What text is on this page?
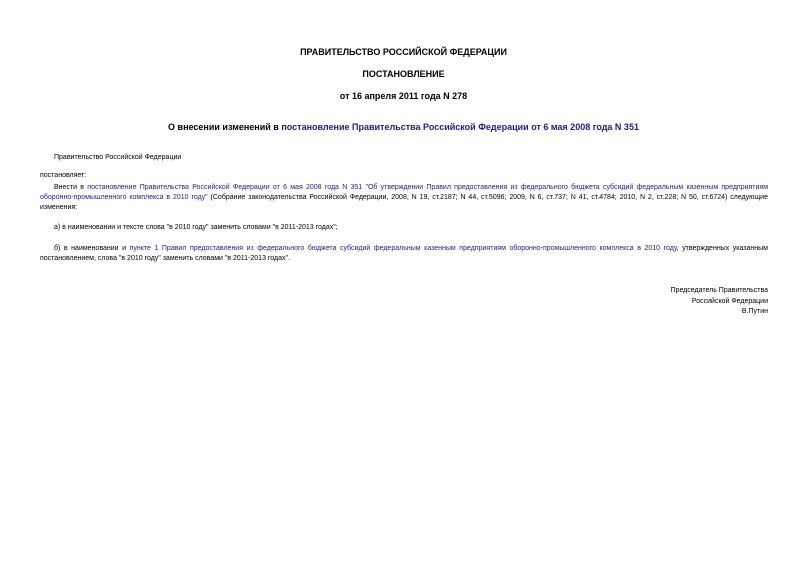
ПРАВИТЕЛЬСТВО РОССИЙСКОЙ ФЕДЕРАЦИИ
ПОСТАНОВЛЕНИЕ
от 16 апреля 2011 года N 278
О внесении изменений в постановление Правительства Российской Федерации от 6 мая 2008 года N 351
Правительство Российской Федерации
постановляет:
Внести в постановление Правительства Российской Федерации от 6 мая 2008 года N 351 "Об утверждении Правил предоставления из федерального бюджета субсидий федеральным казенным предприятиям оборонно-промышленного комплекса в 2010 году" (Собрание законодательства Российской Федерации, 2008, N 19, ст.2187; N 44, ст.5096; 2009, N 6, ст.737; N 41, ст.4784; 2010, N 2, ст.228; N 50, ст.6724) следующие изменения:
а) в наименовании и тексте слова "в 2010 году" заменить словами "в 2011-2013 годах";
б) в наименовании и пункте 1 Правил предоставления из федерального бюджета субсидий федеральным казенным предприятиям оборонно-промышленного комплекса в 2010 году, утвержденных указанным постановлением, слова "в 2010 году" заменить словами "в 2011-2013 годах".
Председатель Правительства
Российской Федерации
В.Путин
